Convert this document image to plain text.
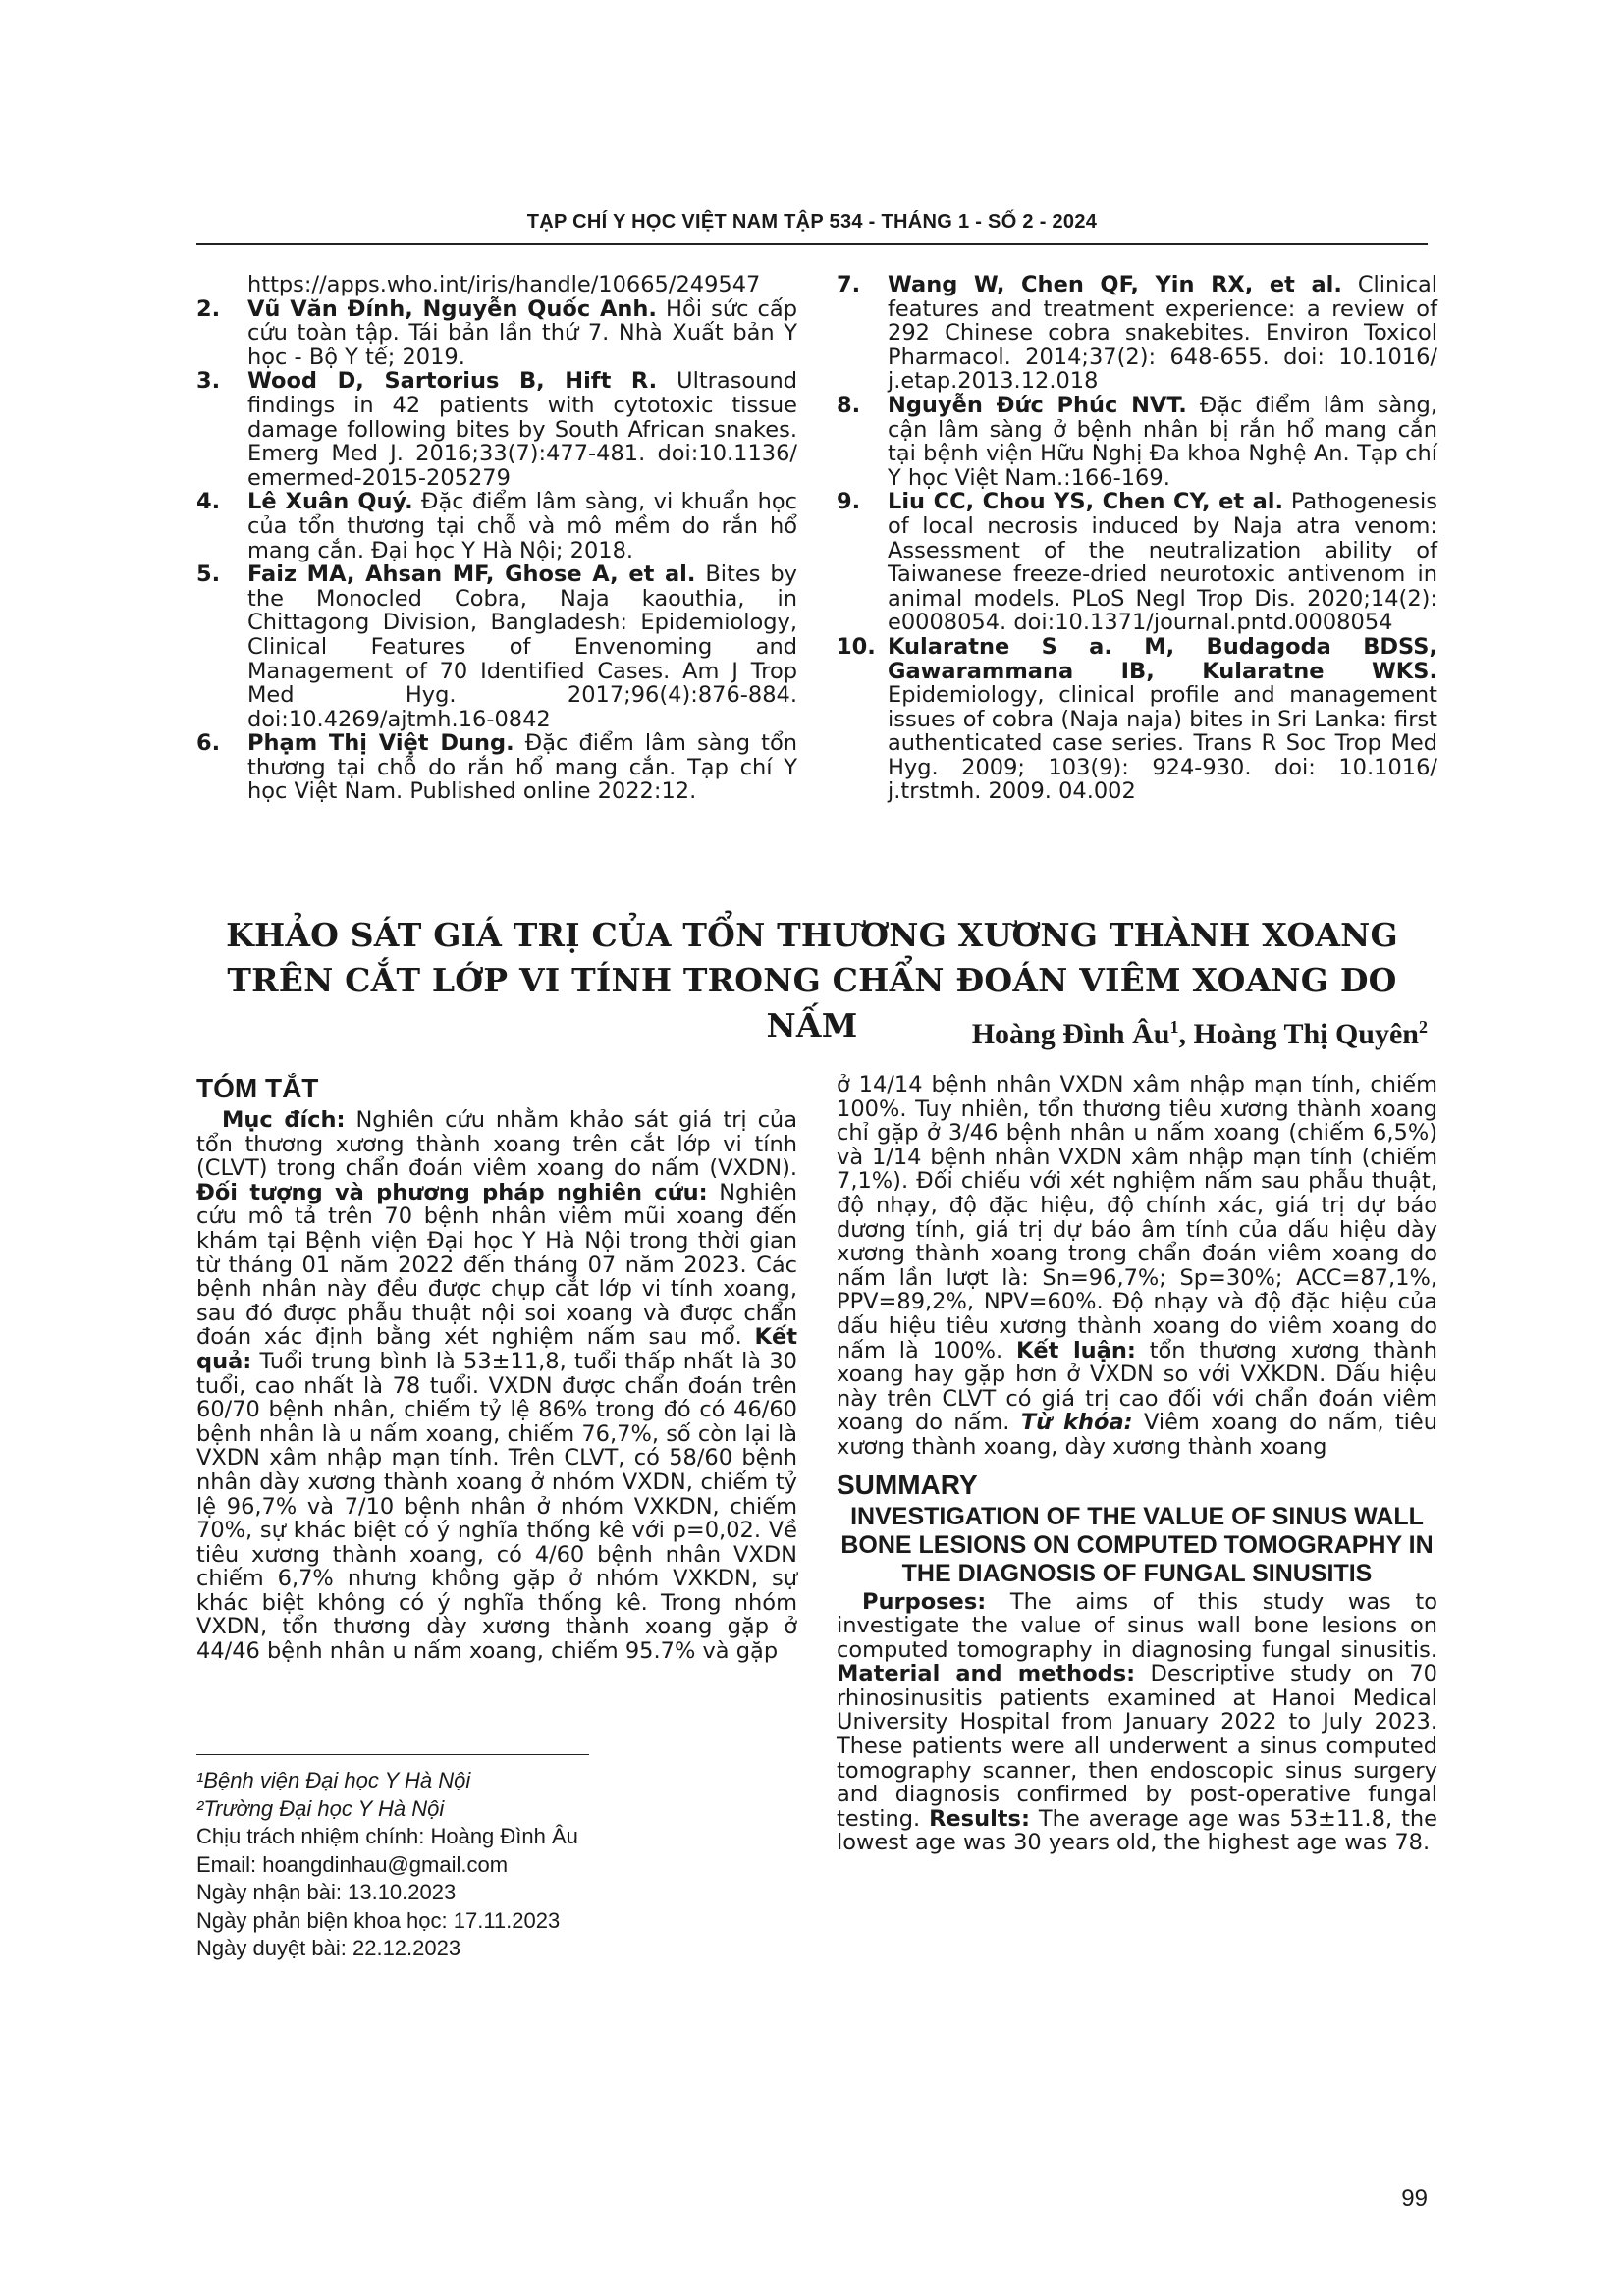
TẠP CHÍ Y HỌC VIỆT NAM TẬP 534 - THÁNG 1 - SỐ 2 - 2024
https://apps.who.int/iris/handle/10665/249547
2.	Vũ Văn Đính, Nguyễn Quốc Anh. Hồi sức cấp cứu toàn tập. Tái bản lần thứ 7. Nhà Xuất bản Y học - Bộ Y tế; 2019.
3.	Wood D, Sartorius B, Hift R. Ultrasound findings in 42 patients with cytotoxic tissue damage following bites by South African snakes. Emerg Med J. 2016;33(7):477-481. doi:10.1136/ emermed-2015-205279
4.	Lê Xuân Quý. Đặc điểm lâm sàng, vi khuẩn học của tổn thương tại chỗ và mô mềm do rắn hổ mang cắn. Đại học Y Hà Nội; 2018.
5.	Faiz MA, Ahsan MF, Ghose A, et al. Bites by the Monocled Cobra, Naja kaouthia, in Chittagong Division, Bangladesh: Epidemiology, Clinical Features of Envenoming and Management of 70 Identified Cases. Am J Trop Med Hyg. 2017;96(4):876-884. doi:10.4269/ajtmh.16-0842
6.	Phạm Thị Việt Dung. Đặc điểm lâm sàng tổn thương tại chỗ do rắn hổ mang cắn. Tạp chí Y học Việt Nam. Published online 2022:12.
7.	Wang W, Chen QF, Yin RX, et al. Clinical features and treatment experience: a review of 292 Chinese cobra snakebites. Environ Toxicol Pharmacol. 2014;37(2): 648-655. doi: 10.1016/ j.etap.2013.12.018
8.	Nguyễn Đức Phúc NVT. Đặc điểm lâm sàng, cận lâm sàng ở bệnh nhân bị rắn hổ mang cắn tại bệnh viện Hữu Nghị Đa khoa Nghệ An. Tạp chí Y học Việt Nam.:166-169.
9.	Liu CC, Chou YS, Chen CY, et al. Pathogenesis of local necrosis induced by Naja atra venom: Assessment of the neutralization ability of Taiwanese freeze-dried neurotoxic antivenom in animal models. PLoS Negl Trop Dis. 2020;14(2): e0008054. doi:10.1371/journal.pntd.0008054
10. Kularatne S a. M, Budagoda BDSS, Gawarammana IB, Kularatne WKS. Epidemiology, clinical profile and management issues of cobra (Naja naja) bites in Sri Lanka: first authenticated case series. Trans R Soc Trop Med Hyg. 2009; 103(9): 924-930. doi: 10.1016/ j.trstmh. 2009. 04.002
KHẢO SÁT GIÁ TRỊ CỦA TỔN THƯƠNG XƯƠNG THÀNH XOANG
TRÊN CẮT LỚP VI TÍNH TRONG CHẨN ĐOÁN VIÊM XOANG DO NẤM	Hoàng Đình $Âu^1$, Hoàng Thị Quyên$^2$
TÓM TẮT

Mục đích: Nghiên cứu nhằm khảo sát giá trị của tổn thương xương thành xoang trên cắt lớp vi tính (CLVT) trong chẩn đoán viêm xoang do nấm (VXDN). Đối tượng và phương pháp nghiên cứu: Nghiên cứu mô tả trên 70 bệnh nhân viêm mũi xoang đến khám tại Bệnh viện Đại học Y Hà Nội trong thời gian từ tháng 01 năm 2022 đến tháng 07 năm 2023. Các bệnh nhân này đều được chụp cắt lớp vi tính xoang, sau đó được phẫu thuật nội soi xoang và được chẩn đoán xác định bằng xét nghiệm nấm sau mổ. Kết quả: Tuổi trung bình là 53±11,8, tuổi thấp nhất là 30 tuổi, cao nhất là 78 tuổi. VXDN được chẩn đoán trên 60/70 bệnh nhân, chiếm tỷ lệ 86% trong đó có 46/60 bệnh nhân là u nấm xoang, chiếm 76,7%, số còn lại là VXDN xâm nhập mạn tính. Trên CLVT, có 58/60 bệnh nhân dày xương thành xoang ở nhóm VXDN, chiếm tỷ lệ 96,7% và 7/10 bệnh nhân ở nhóm VXKDN, chiếm 70%, sự khác biệt có ý nghĩa thống kê với p=0,02. Về tiêu xương thành xoang, có 4/60 bệnh nhân VXDN chiếm 6,7% nhưng không gặp ở nhóm VXKDN, sự khác biệt không có ý nghĩa thống kê. Trong nhóm VXDN, tổn thương dày xương thành xoang gặp ở 44/46 bệnh nhân u nấm xoang, chiếm 95.7% và gặp

ở 14/14 bệnh nhân VXDN xâm nhập mạn tính, chiếm 100%. Tuy nhiên, tổn thương tiêu xương thành xoang chỉ gặp ở 3/46 bệnh nhân u nấm xoang (chiếm 6,5%) và 1/14 bệnh nhân VXDN xâm nhập mạn tính (chiếm 7,1%). Đối chiếu với xét nghiệm nấm sau phẫu thuật, độ nhạy, độ đặc hiệu, độ chính xác, giá trị dự báo dương tính, giá trị dự báo âm tính của dấu hiệu dày xương thành xoang trong chẩn đoán viêm xoang do nấm lần lượt là: Sn=96,7%; Sp=30%; ACC=87,1%, PPV=89,2%, NPV=60%. Độ nhạy và độ đặc hiệu của dấu hiệu tiêu xương thành xoang do viêm xoang do nấm là 100%. Kết luận: tổn thương xương thành xoang hay gặp hơn ở VXDN so với VXKDN. Dấu hiệu này trên CLVT có giá trị cao đối với chẩn đoán viêm xoang do nấm. Từ khóa: Viêm xoang do nấm, tiêu xương thành xoang, dày xương thành xoang

SUMMARY
INVESTIGATION OF THE VALUE OF SINUS WALL BONE LESIONS ON COMPUTED TOMOGRAPHY IN THE DIAGNOSIS OF FUNGAL SINUSITIS

Purposes: The aims of this study was to investigate the value of sinus wall bone lesions on computed tomography in diagnosing fungal sinusitis. Material and methods: Descriptive study on 70 rhinosinusitis patients examined at Hanoi Medical University Hospital from January 2022 to July 2023. These patients were all underwent a sinus computed tomography scanner, then endoscopic sinus surgery and diagnosis confirmed by post-operative fungal testing. Results: The average age was 53±11.8, the lowest age was 30 years old, the highest age was 78.

¹Bệnh viện Đại học Y Hà Nội
²Trường Đại học Y Hà Nội
Chịu trách nhiệm chính: Hoàng Đình Âu
Email: hoangdinhau@gmail.com
Ngày nhận bài: 13.10.2023
Ngày phản biện khoa học: 17.11.2023
Ngày duyệt bài: 22.12.2023
99
